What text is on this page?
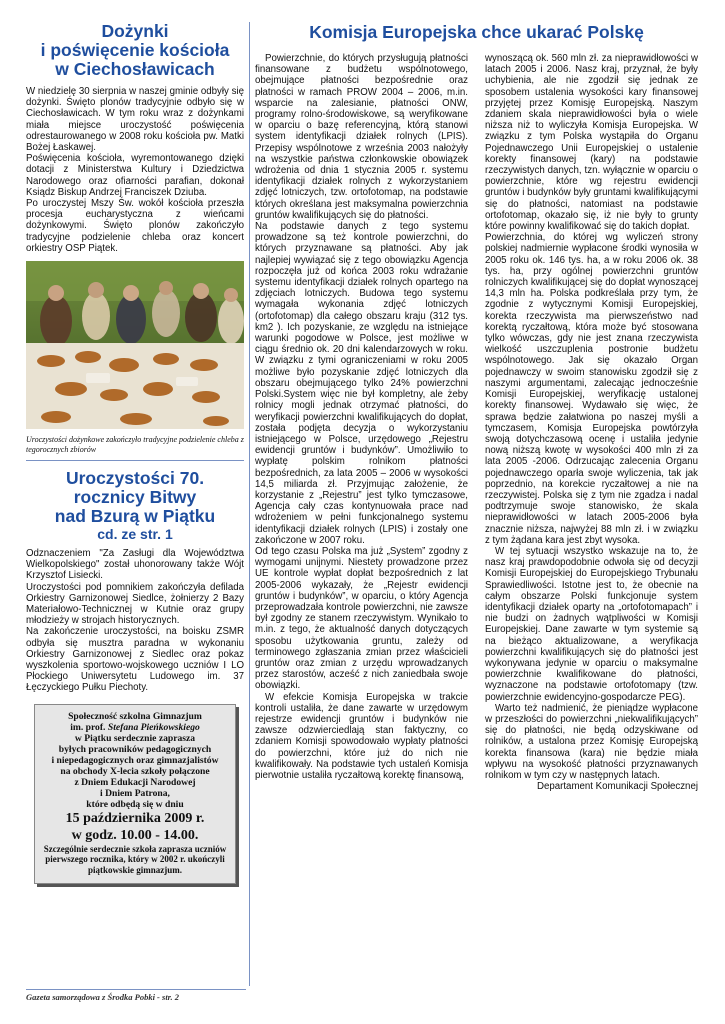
Dożynki
i poświęcenie kościoła
w Ciechosławicach

W niedzielę 30 sierpnia w naszej gminie odbyły się dożynki. Święto plonów tradycyjnie odbyło się w Ciechosławicach. W tym roku wraz z dożynkami miała miejsce uroczystość poświęcenia odrestaurowanego w 2008 roku kościoła pw. Matki Bożej Łaskawej.

Poświęcenia kościoła, wyremontowanego dzięki dotacji z Ministerstwa Kultury i Dziedzictwa Narodowego oraz ofiarności parafian, dokonał Ksiądz Biskup Andrzej Franciszek Dziuba.

Po uroczystej Mszy Św. wokół kościoła przeszła procesja eucharystyczna z wieńcami dożynkowymi. Święto plonów zakończyło tradycyjne podzielenie chleba oraz koncert orkiestry OSP Piątek.

Uroczystości dożynkowe zakończyło tradycyjne podzielenie chleba z tegorocznych zbiorów
Uroczystości 70.
rocznicy Bitwy
nad Bzurą w Piątku
cd. ze str. 1

Odznaczeniem "Za Zasługi dla Województwa Wielkopolskiego" został uhonorowany także Wójt Krzysztof Lisiecki.

Uroczystości pod pomnikiem zakończyła defilada Orkiestry Garnizonowej Siedlce, żołnierzy 2 Bazy Materiałowo-Technicznej w Kutnie oraz grupy młodzieży w strojach historycznych.

Na zakończenie uroczystości, na boisku ZSMR odbyła się musztra paradna w wykonaniu Orkiestry Garnizonowej z Siedlec oraz pokaz wyszkolenia sportowo-wojskowego uczniów I LO Płockiego Uniwersytetu Ludowego im. 37 Łęczyckiego Pułku Piechoty.

Społeczność szkolna Gimnazjum
im. prof. Stefana Pieńkowskiego
w Piątku serdecznie zaprasza
byłych pracowników pedagogicznych
i niepedagogicznych oraz gimnazjalistów
na obchody X-lecia szkoły połączone
z Dniem Edukacji Narodowej
i Dniem Patrona,
które odbędą się w dniu
15 października 2009 r.
w godz. 10.00 - 14.00.
Szczególnie serdecznie szkoła zaprasza uczniów pierwszego rocznika, który w 2002 r. ukończyli piątkowskie gimnazjum.
Komisja Europejska chce ukarać Polskę

Powierzchnie, do których przysługują płatności finansowane z budżetu wspólnotowego, obejmujące płatności bezpośrednie oraz płatności w ramach PROW 2004 – 2006, m.in. wsparcie na zalesianie, płatności ONW, programy rolno-środowiskowe, są weryfikowane w oparciu o bazę referencyjną, którą stanowi system identyfikacji działek rolnych (LPIS). Przepisy wspólnotowe z września 2003 nałożyły na wszystkie państwa członkowskie obowiązek wdrożenia od dnia 1 stycznia 2005 r. systemu identyfikacji działek rolnych z wykorzystaniem zdjęć lotniczych, tzw. ortofotomap, na podstawie których określana jest maksymalna powierzchnia gruntów kwalifikujących się do płatności.

Na podstawie danych z tego systemu prowadzone są też kontrole powierzchni, do których przyznawane są płatności. Aby jak najlepiej wywiązać się z tego obowiązku Agencja rozpoczęła już od końca 2003 roku wdrażanie systemu identyfikacji działek rolnych opartego na zdjęciach lotniczych. Budowa tego systemu wymagała wykonania zdjęć lotniczych (ortofotomap) dla całego obszaru kraju (312 tys. km2 ). Ich pozyskanie, ze względu na istniejące warunki pogodowe w Polsce, jest możliwe w ciągu średnio ok. 20 dni kalendarzowych w roku. W związku z tymi ograniczeniami w roku 2005 możliwe było pozyskanie zdjęć lotniczych dla obszaru obejmującego tylko 24% powierzchni Polski.System więc nie był kompletny, ale żeby rolnicy mogli jednak otrzymać płatności, do weryfikacji powierzchni kwalifikujących do dopłat, została podjęta decyzja o wykorzystaniu istniejącego w Polsce, urzędowego „Rejestru ewidencji gruntów i budynków”. Umożliwiło to wypłatę polskim rolnikom płatności bezpośrednich, za lata 2005 – 2006 w wysokości 14,5 miliarda zł. Przyjmując założenie, że korzystanie z „Rejestru” jest tylko tymczasowe, Agencja cały czas kontynuowała prace nad wdrożeniem w pełni funkcjonalnego systemu identyfikacji działek rolnych (LPIS) i zostały one zakończone w 2007 roku.

Od tego czasu Polska ma już „System” zgodny z wymogami unijnymi. Niestety prowadzone przez UE kontrole wypłat dopłat bezpośrednich z lat 2005-2006 wykazały, że „Rejestr ewidencji gruntów i budynków”, w oparciu, o który Agencja przeprowadzała kontrole powierzchni, nie zawsze był zgodny ze stanem rzeczywistym. Wynikało to m.in. z tego, że aktualność danych dotyczących sposobu użytkowania gruntu, zależy od terminowego zgłaszania zmian przez właścicieli gruntów oraz zmian z urzędu wprowadzanych przez starostów, acześć z nich zaniedbała swoje obowiązki.

W efekcie Komisja Europejska w trakcie kontroli ustaliła, że dane zawarte w urzędowym rejestrze ewidencji gruntów i budynków nie zawsze odzwierciedlają stan faktyczny, co zdaniem Komisji spowodowało wypłaty płatności do powierzchni, które już do nich nie kwalifikowały. Na podstawie tych ustaleń Komisja pierwotnie ustaliła ryczałtową korektę finansową,

wynoszącą ok. 560 mln zł. za nieprawidłowości w latach 2005 i 2006. Nasz kraj, przyznał, że były uchybienia, ale nie zgodził się jednak ze sposobem ustalenia wysokości kary finansowej przyjętej przez Komisję Europejską. Naszym zdaniem skala nieprawidłowości była o wiele niższa niż to wyliczyła Komisja Europejska. W związku z tym Polska wystąpiła do Organu Pojednawczego Unii Europejskiej o ustalenie korekty finansowej (kary) na podstawie rzeczywistych danych, tzn. wyłącznie w oparciu o powierzchnie, które wg rejestru ewidencji gruntów i budynków były gruntami kwalifikującymi się do płatności, natomiast na podstawie ortofotomap, okazało się, iż nie były to grunty które powinny kwalifikować się do takich dopłat.

Powierzchnia, do której wg wyliczeń strony polskiej nadmiernie wypłacone środki wynosiła w 2005 roku ok. 146 tys. ha, a w roku 2006 ok. 38 tys. ha, przy ogólnej powierzchni gruntów rolniczych kwalifikującej się do dopłat wynoszącej 14,3 mln ha. Polska podkreślała przy tym, że zgodnie z wytycznymi Komisji Europejskiej, korekta rzeczywista ma pierwszeństwo nad korektą ryczałtową, która może być stosowana tylko wówczas, gdy nie jest znana rzeczywista wielkość uszczuplenia postronie budżetu wspólnotowego. Jak się okazało Organ pojednawczy w swoim stanowisku zgodził się z naszymi argumentami, zalecając jednocześnie Komisji Europejskiej, weryfikację ustalonej korekty finansowej. Wydawało się więc, że sprawa będzie załatwiona po naszej myśli a tymczasem, Komisja Europejska powtórzyła swoją dotychczasową ocenę i ustaliła jedynie nową niższą kwotę w wysokości 400 mln zł za lata 2005 -2006. Odrzucając zalecenia Organu pojednawczego oparła swoje wyliczenia, tak jak poprzednio, na korekcie ryczałtowej a nie na rzeczywistej. Polska się z tym nie zgadza i nadal podtrzymuje swoje stanowisko, że skala nieprawidłowości w latach 2005-2006 była znacznie niższa, najwyżej 88 mln zł. i w związku z tym żądana kara jest zbyt wysoka.

W tej sytuacji wszystko wskazuje na to, że nasz kraj prawdopodobnie odwoła się od decyzji Komisji Europejskiej do Europejskiego Trybunału Sprawiedliwości. Istotne jest to, że obecnie na całym obszarze Polski funkcjonuje system identyfikacji działek oparty na „ortofotomapach” i nie budzi on żadnych wątpliwości w Komisji Europejskiej. Dane zawarte w tym systemie są na bieżąco aktualizowane, a weryfikacja powierzchni kwalifikujących się do płatności jest wykonywana jedynie w oparciu o maksymalne powierzchnie kwalifikowane do płatności, wyznaczone na podstawie ortofotomapy (tzw. powierzchnie ewidencyjno-gospodarcze PEG).

Warto też nadmienić, że pieniądze wypłacone w przeszłości do powierzchni „niekwalifikujących” się do płatności, nie będą odzyskiwane od rolników, a ustalona przez Komisję Europejską korekta finansowa (kara) nie będzie miała wpływu na wysokość płatności przyznawanych rolnikom w tym czy w następnych latach.

Departament Komunikacji Społecznej

Gazeta samorządowa z Środka Pobki - str. 2
